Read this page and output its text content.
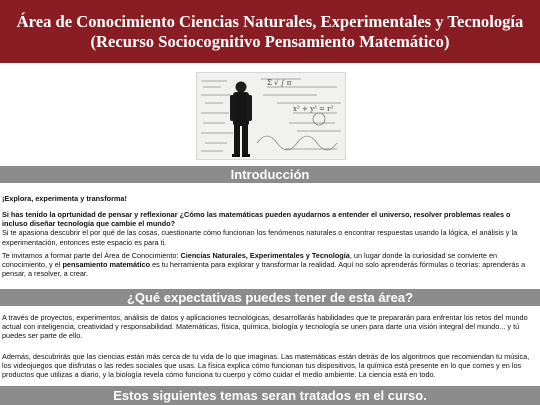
Área de Conocimiento Ciencias Naturales, Experimentales y Tecnología (Recurso Sociocognitivo Pensamiento Matemático)
Σ √ ∫ π
x² + y² = r²
Introducción

¡Explora, experimenta y transforma!

Si has tenido la oprtunidad de pensar y reflexionar ¿Cómo las matemáticas pueden ayudarnos a entender el universo, resolver problemas reales o incluso diseñar tecnología que cambie el mundo?
Si te apasiona descubrir el por qué de las cosas, cuestionarte cómo funcionan los fenómenos naturales o encontrar respuestas usando la lógica, el análisis y la experimentación, entonces este espacio es para ti.

Te invitamos a formar parte del Área de Conocimiento: Ciencias Naturales, Experimentales y Tecnología, un lugar donde la curiosidad se convierte en conocimiento, y el pensamiento matemático es tu herramienta para explorar y transformar la realidad. Aquí no solo aprenderás fórmulas o teorías: aprenderás a pensar, a resolver, a crear.

¿Qué expectativas puedes tener de esta área?

A través de proyectos, experimentos, análisis de datos y aplicaciones tecnológicas, desarrollarás habilidades que te prepararán para enfrentar los retos del mundo actual con inteligencia, creatividad y responsabilidad. Matemáticas, física, química, biología y tecnología se unen para darte una visión integral del mundo... y tú puedes ser parte de ello.

Además, descubrirás que las ciencias están más cerca de tu vida de lo que imaginas. Las matemáticas están detrás de los algoritmos que recomiendan tu música, los videojuegos que disfrutas o las redes sociales que usas. La física explica cómo funcionan tus dispositivos, la química está presente en lo que comes y en los productos que utilizas a diario, y la biología revela cómo funciona tu cuerpo y cómo cuidar el medio ambiente. La ciencia está en todo.

Estos siguientes temas seran tratados en el curso.
